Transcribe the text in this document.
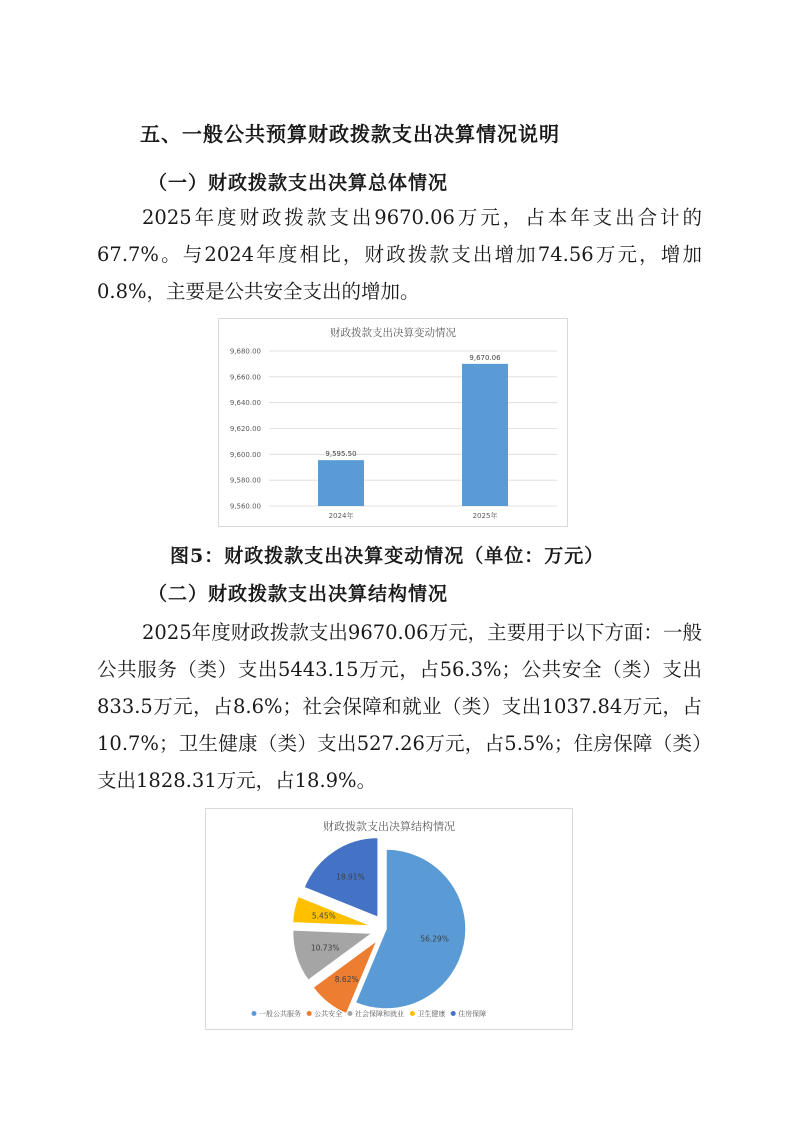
五、一般公共预算财政拨款支出决算情况说明
（一）财政拨款支出决算总体情况

2025年度财政拨款支出9670.06万元，占本年支出合计的67.7%。与2024年度相比，财政拨款支出增加74.56万元，增加0.8%，主要是公共安全支出的增加。

财政拨款支出决算变动情况
9,560.00
9,580.00
9,600.00
9,620.00
9,640.00
9,660.00
9,680.00
9,595.50
2024年
9,670.06
2025年
图5：财政拨款支出决算变动情况（单位：万元）
（二）财政拨款支出决算结构情况

2025年度财政拨款支出9670.06万元，主要用于以下方面：一般公共服务（类）支出5443.15万元，占56.3%；公共安全（类）支出833.5万元，占8.6%；社会保障和就业（类）支出1037.84万元，占10.7%；卫生健康（类）支出527.26万元，占5.5%；住房保障（类）支出1828.31万元，占18.9%。

财政拨款支出决算结构情况
56.29%
8.62%
10.73%
5.45%
18.91%
一般公共服务 公共安全 社会保障和就业 卫生健康 住房保障
